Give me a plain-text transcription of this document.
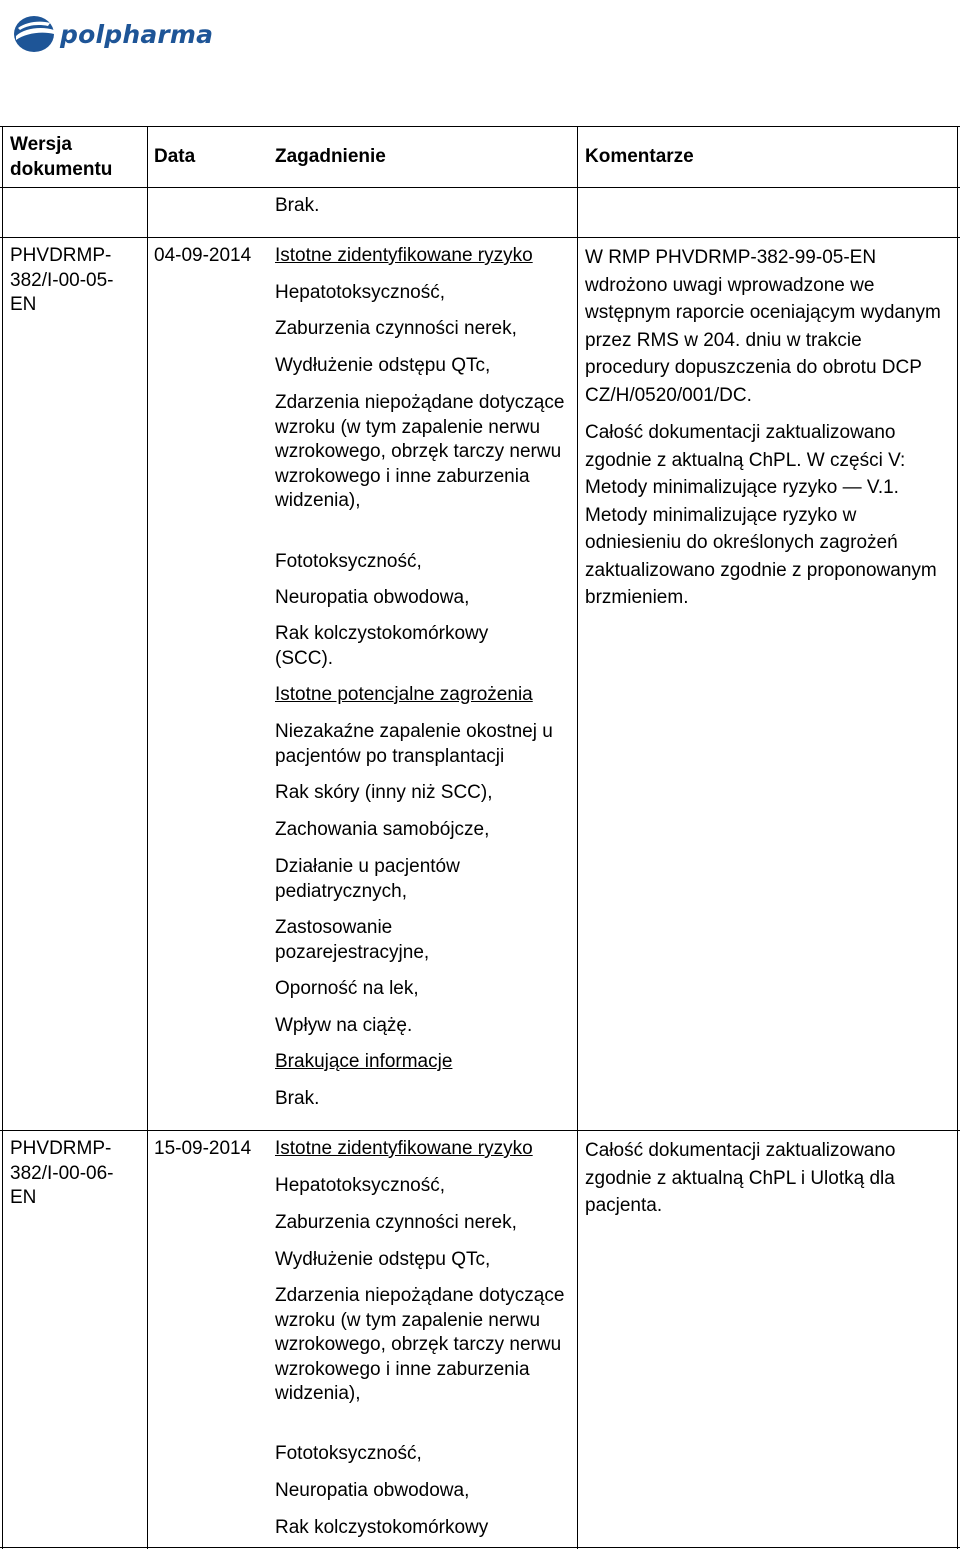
polpharma
Wersja dokumentu
Data	Zagadnienie	Komentarze
Brak.
PHVDRMP-382/I-00-05-EN
04-09-2014 Istotne zidentyfikowane ryzyko
Hepatotoksyczność,
Zaburzenia czynności nerek,
Wydłużenie odstępu QTc,
Zdarzenia niepożądane dotyczące wzroku (w tym zapalenie nerwu wzrokowego, obrzęk tarczy nerwu wzrokowego i inne zaburzenia widzenia),
Fototoksyczność,
Neuropatia obwodowa,
Rak kolczystokomórkowy (SCC).
Istotne potencjalne zagrożenia
Niezakaźne zapalenie okostnej u pacjentów po transplantacji
Rak skóry (inny niż SCC),
Zachowania samobójcze,
Działanie u pacjentów pediatrycznych,
Zastosowanie pozarejestracyjne,
Oporność na lek,
Wpływ na ciążę.
Brakujące informacje
Brak.

W RMP PHVDRMP-382-99-05-EN wdrożono uwagi wprowadzone we wstępnym raporcie oceniającym wydanym przez RMS w 204. dniu w trakcie procedury dopuszczenia do obrotu DCP CZ/H/0520/001/DC.

Całość dokumentacji zaktualizowano zgodnie z aktualną ChPL. W części V: Metody minimalizujące ryzyko — V.1. Metody minimalizujące ryzyko w odniesieniu do określonych zagrożeń zaktualizowano zgodnie z proponowanym brzmieniem.

PHVDRMP-382/I-00-06-EN
15-09-2014 Istotne zidentyfikowane ryzyko
Hepatotoksyczność,
Zaburzenia czynności nerek,
Wydłużenie odstępu QTc,
Zdarzenia niepożądane dotyczące wzroku (w tym zapalenie nerwu wzrokowego, obrzęk tarczy nerwu wzrokowego i inne zaburzenia widzenia),
Fototoksyczność,
Neuropatia obwodowa,
Rak kolczystokomórkowy

Całość dokumentacji zaktualizowano zgodnie z aktualną ChPL i Ulotką dla pacjenta.
